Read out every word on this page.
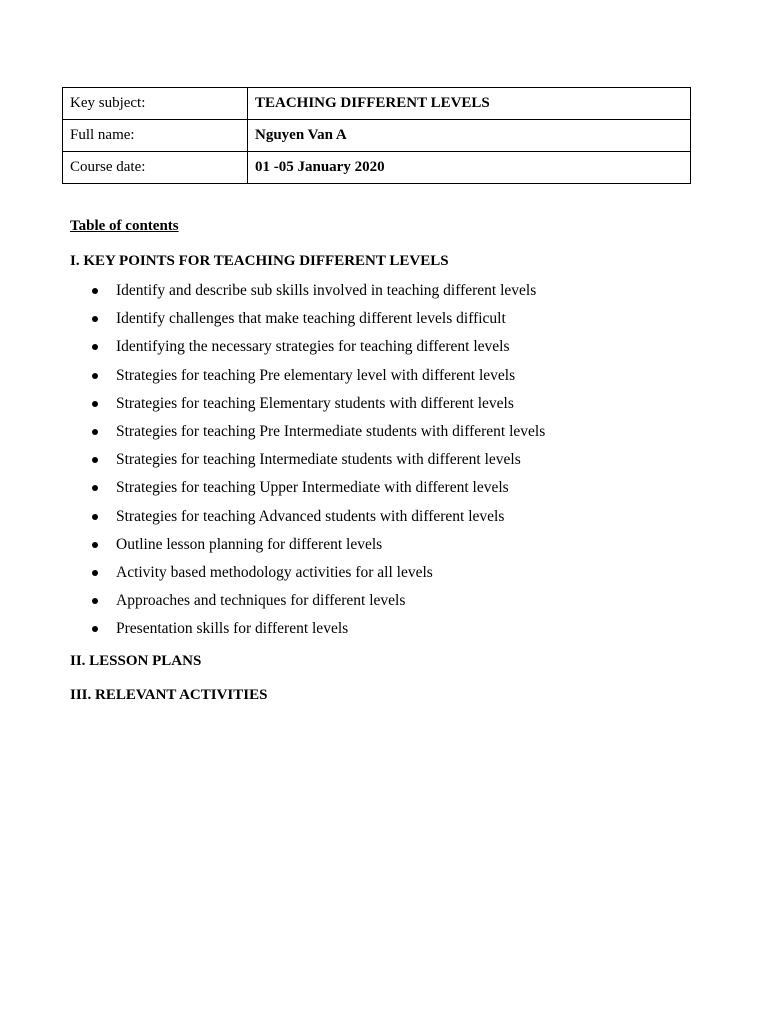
Key subject:	TEACHING DIFFERENT LEVELS
Full name:	Nguyen Van A
Course date:	01 -05 January 2020
Table of contents
I. KEY POINTS FOR TEACHING DIFFERENT LEVELS
Identify and describe sub skills involved in teaching different levels
Identify challenges that make teaching different levels difficult
Identifying the necessary strategies for teaching different levels
Strategies for teaching Pre elementary level with different levels
Strategies for teaching Elementary students with different levels
Strategies for teaching Pre Intermediate students with different levels
Strategies for teaching Intermediate students with different levels
Strategies for teaching Upper Intermediate with different levels
Strategies for teaching Advanced students with different levels
Outline lesson planning for different levels
Activity based methodology activities for all levels
Approaches and techniques for different levels
Presentation skills for different levels
II. LESSON PLANS
III. RELEVANT ACTIVITIES
